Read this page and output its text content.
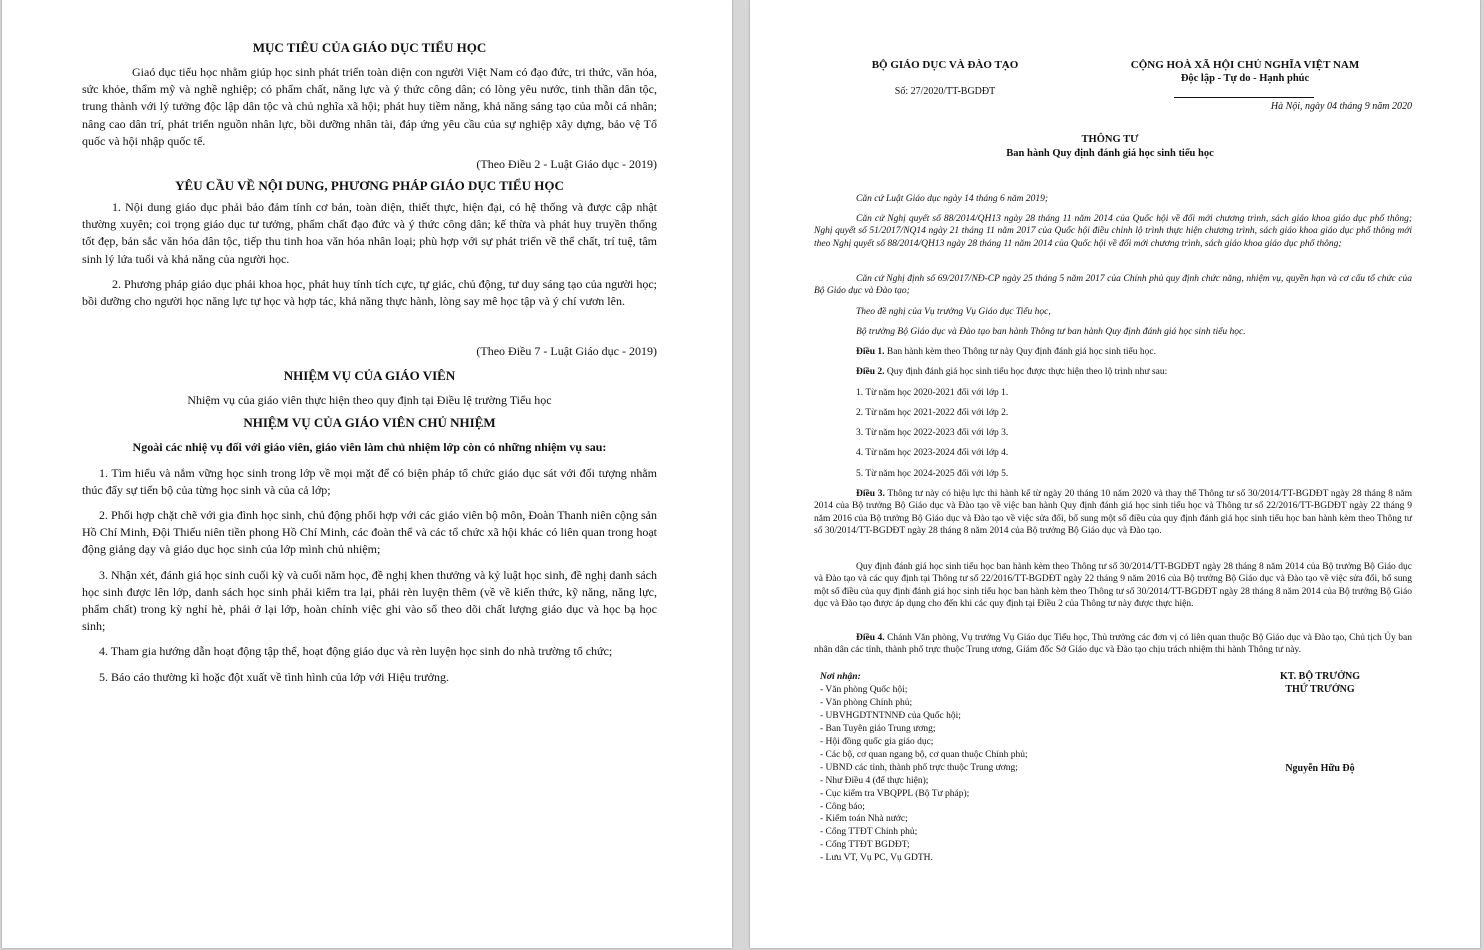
MỤC TIÊU CỦA GIÁO DỤC TIỂU HỌC

Giaó dục tiểu học nhằm giúp học sinh phát triển toàn diện con người Việt Nam có đạo đức, tri thức, văn hóa, sức khỏe, thẩm mỹ và nghề nghiệp; có phẩm chất, năng lực và ý thức công dân; có lòng yêu nước, tinh thần dân tộc, trung thành với lý tưởng độc lập dân tộc và chủ nghĩa xã hội; phát huy tiềm năng, khả năng sáng tạo của mỗi cá nhân; nâng cao dân trí, phát triển nguồn nhân lực, bồi dưỡng nhân tài, đáp ứng yêu cầu của sự nghiệp xây dựng, bảo vệ Tổ quốc và hội nhập quốc tế.

(Theo Điều 2 - Luật Giáo dục - 2019)

YÊU CẦU VỀ NỘI DUNG, PHƯƠNG PHÁP GIÁO DỤC TIỂU HỌC

1. Nội dung giáo dục phải bảo đảm tính cơ bản, toàn diện, thiết thực, hiện đại, có hệ thống và được cập nhật thường xuyên; coi trọng giáo dục tư tưởng, phẩm chất đạo đức và ý thức công dân; kế thừa và phát huy truyền thống tốt đẹp, bản sắc văn hóa dân tộc, tiếp thu tinh hoa văn hóa nhân loại; phù hợp với sự phát triển về thể chất, trí tuệ, tâm sinh lý lứa tuổi và khả năng của người học.

2. Phương pháp giáo dục phải khoa học, phát huy tính tích cực, tự giác, chủ động, tư duy sáng tạo của người học; bồi dưỡng cho người học năng lực tự học và hợp tác, khả năng thực hành, lòng say mê học tập và ý chí vươn lên.

(Theo Điều 7 - Luật Giáo dục - 2019)

NHIỆM VỤ CỦA GIÁO VIÊN

Nhiệm vụ của giáo viên thực hiện theo quy định tại Điều lệ trường Tiểu học

NHIỆM VỤ CỦA GIÁO VIÊN CHỦ NHIỆM

Ngoài các nhiệ vụ đối với giáo viên, giáo viên làm chủ nhiệm lớp còn có những nhiệm vụ sau:

1. Tìm hiểu và nắm vững học sinh trong lớp về mọi mặt để có biện pháp tổ chức giáo dục sát với đối tượng nhằm thúc đẩy sự tiến bộ của từng học sinh và của cả lớp;

2. Phối hợp chặt chẽ với gia đình học sinh, chủ động phối hợp với các giáo viên bộ môn, Đoàn Thanh niên cộng sản Hồ Chí Minh, Đội Thiếu niên tiền phong Hồ Chí Minh, các đoàn thể và các tổ chức xã hội khác có liên quan trong hoạt động giảng dạy và giáo dục học sinh của lớp mình chủ nhiệm;

3. Nhận xét, đánh giá học sinh cuối kỳ và cuối năm học, đề nghị khen thưởng và kỷ luật học sinh, đề nghị danh sách học sinh được lên lớp, danh sách học sinh phải kiểm tra lại, phải rèn luyện thêm (về về kiến thức, kỹ năng, năng lực, phẩm chất) trong kỳ nghỉ hè, phải ở lại lớp, hoàn chỉnh việc ghi vào sổ theo dõi chất lượng giáo dục và học bạ học sinh;

4. Tham gia hướng dẫn hoạt động tập thể, hoạt động giáo dục và rèn luyện học sinh do nhà trường tổ chức;

5. Báo cáo thường kì hoặc đột xuất về tình hình của lớp với Hiệu trưởng.

BỘ GIÁO DỤC VÀ ĐÀO TẠO

Số: 27/2020/TT-BGDĐT

CỘNG HOÀ XÃ HỘI CHỦ NGHĨA VIỆT NAM

Độc lập - Tự do - Hạnh phúc

Hà Nội, ngày 04 tháng 9 năm 2020

THÔNG TƯ

Ban hành Quy định đánh giá học sinh tiểu học

Căn cứ Luật Giáo dục ngày 14 tháng 6 năm 2019;

Căn cứ Nghị quyết số 88/2014/QH13 ngày 28 tháng 11 năm 2014 của Quốc hội về đổi mới chương trình, sách giáo khoa giáo dục phổ thông; Nghị quyết số 51/2017/NQ14 ngày 21 tháng 11 năm 2017 của Quốc hội điều chỉnh lộ trình thực hiện chương trình, sách giáo khoa giáo dục phổ thông mới theo Nghị quyết số 88/2014/QH13 ngày 28 tháng 11 năm 2014 của Quốc hội về đổi mới chương trình, sách giáo khoa giáo dục phổ thông;

Căn cứ Nghị định số 69/2017/NĐ-CP ngày 25 tháng 5 năm 2017 của Chính phủ quy định chức năng, nhiệm vụ, quyền hạn và cơ cấu tổ chức của Bộ Giáo dục và Đào tạo;

Theo đề nghị của Vụ trưởng Vụ Giáo dục Tiểu học,

Bộ trưởng Bộ Giáo dục và Đào tạo ban hành Thông tư ban hành Quy định đánh giá học sinh tiểu học.

Điều 1. Ban hành kèm theo Thông tư này Quy định đánh giá học sinh tiểu học.

Điều 2. Quy định đánh giá học sinh tiểu học được thực hiện theo lộ trình như sau:

1. Từ năm học 2020-2021 đối với lớp 1.

2. Từ năm học 2021-2022 đối với lớp 2.

3. Từ năm học 2022-2023 đối với lớp 3.

4. Từ năm học 2023-2024 đối với lớp 4.

5. Từ năm học 2024-2025 đối với lớp 5.

Điều 3. Thông tư này có hiệu lực thi hành kể từ ngày 20 tháng 10 năm 2020 và thay thế Thông tư số 30/2014/TT-BGDĐT ngày 28 tháng 8 năm 2014 của Bộ trưởng Bộ Giáo dục và Đào tạo về việc ban hành Quy định đánh giá học sinh tiểu học và Thông tư số 22/2016/TT-BGDĐT ngày 22 tháng 9 năm 2016 của Bộ trưởng Bộ Giáo dục và Đào tạo về việc sửa đổi, bổ sung một số điều của quy định đánh giá học sinh tiểu học ban hành kèm theo Thông tư số 30/2014/TT-BGDĐT ngày 28 tháng 8 năm 2014 của Bộ trưởng Bộ Giáo dục và Đào tạo.

Quy định đánh giá học sinh tiểu học ban hành kèm theo Thông tư số 30/2014/TT-BGDĐT ngày 28 tháng 8 năm 2014 của Bộ trưởng Bộ Giáo dục và Đào tạo và các quy định tại Thông tư số 22/2016/TT-BGDĐT ngày 22 tháng 9 năm 2016 của Bộ trưởng Bộ Giáo dục và Đào tạo về việc sửa đổi, bổ sung một số điều của quy định đánh giá học sinh tiểu học ban hành kèm theo Thông tư số 30/2014/TT-BGDĐT ngày 28 tháng 8 năm 2014 của Bộ trưởng Bộ Giáo dục và Đào tạo được áp dụng cho đến khi các quy định tại Điều 2 của Thông tư này được thực hiện.

Điều 4. Chánh Văn phòng, Vụ trưởng Vụ Giáo dục Tiểu học, Thủ trưởng các đơn vị có liên quan thuộc Bộ Giáo dục và Đào tạo, Chủ tịch Ủy ban nhân dân các tỉnh, thành phố trực thuộc Trung ương, Giám đốc Sở Giáo dục và Đào tạo chịu trách nhiệm thi hành Thông tư này.

Nơi nhận:
- Văn phòng Quốc hội;
- Văn phòng Chính phủ;
- UBVHGDTNTNNĐ của Quốc hội;
- Ban Tuyên giáo Trung ương;
- Hội đồng quốc gia giáo dục;
- Các bộ, cơ quan ngang bộ, cơ quan thuộc Chính phủ;
- UBND các tỉnh, thành phố trực thuộc Trung ương;
- Như Điều 4 (để thực hiện);
- Cục kiểm tra VBQPPL (Bộ Tư pháp);
- Công báo;
- Kiểm toán Nhà nước;
- Cổng TTĐT Chính phủ;
- Cổng TTĐT BGDĐT;
- Lưu VT, Vụ PC, Vụ GDTH.

KT. BỘ TRƯỞNG

THỨ TRƯỞNG

Nguyễn Hữu Độ
